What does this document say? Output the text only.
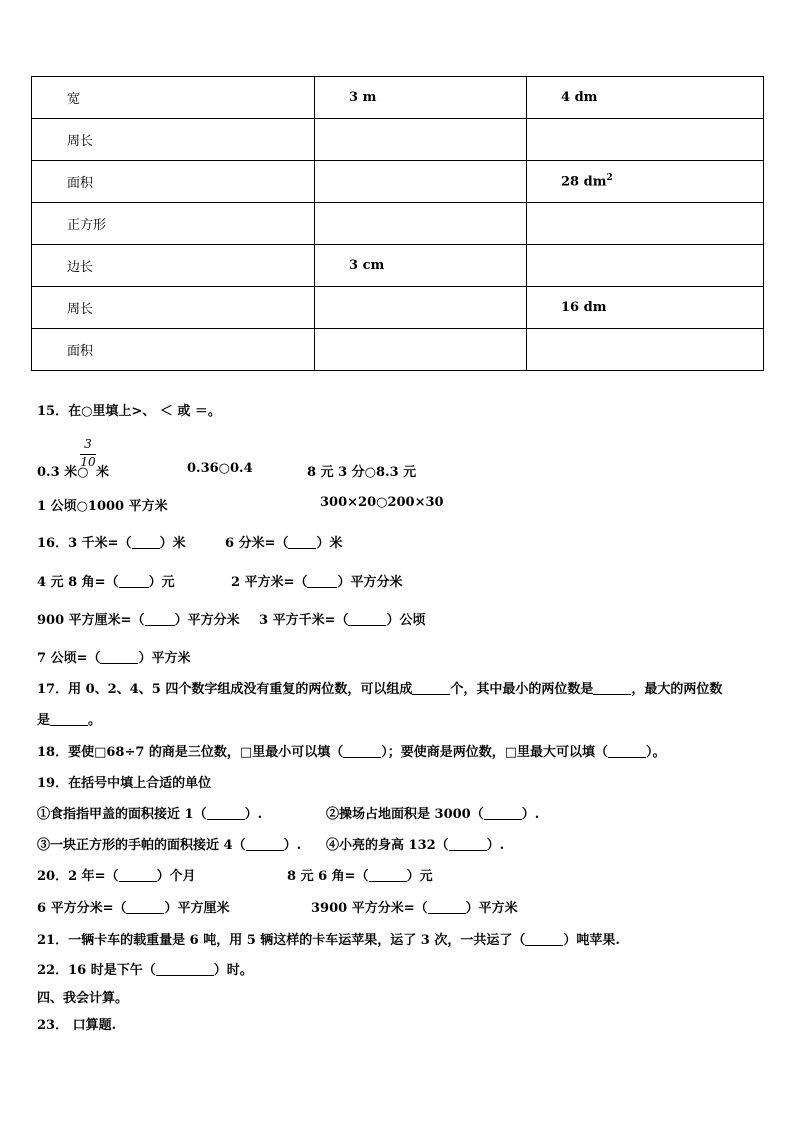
宽	3 m	4 dm
周长		
面积		28 $dm^2$
正方形		
边长	3 cm	
周长		16 dm
面积		
15．在○里填上>、 ＜ 或 ＝。
3
10
0.3 米○ 米	0.36○0.4	8 元 3 分○8.3 元
1 公顷○1000 平方米	300×20○200×30
16．3 千米=（ ）米	6 分米=（ ）米
4 元 8 角=（ ）元	2 平方米=（ ）平方分米
900 平方厘米=（ ）平方分米 3 平方千米=（	）公顷
7 公顷=（	）平方米
17．用 0、2、4、5 四个数字组成没有重复的两位数，可以组成	个，其中最小的两位数是	，最大的两位数
是	。
18．要使□68÷7 的商是三位数，□里最小可以填（	）；要使商是两位数，□里最大可以填（	）。
19．在括号中填上合适的单位
①食指指甲盖的面积接近 1（	）.	②操场占地面积是 3000（	）.
③一块正方形的手帕的面积接近 4（	）. ④小亮的身高 132（	）.
20．2 年=（	）个月	8 元 6 角=（	）元
6 平方分米=（	）平方厘米	3900 平方分米=（	）平方米
21．一辆卡车的载重量是 6 吨，用 5 辆这样的卡车运苹果，运了 3 次，一共运了（	）吨苹果.
22．16 时是下午（	）时。
四、我会计算。
23． 口算题.
